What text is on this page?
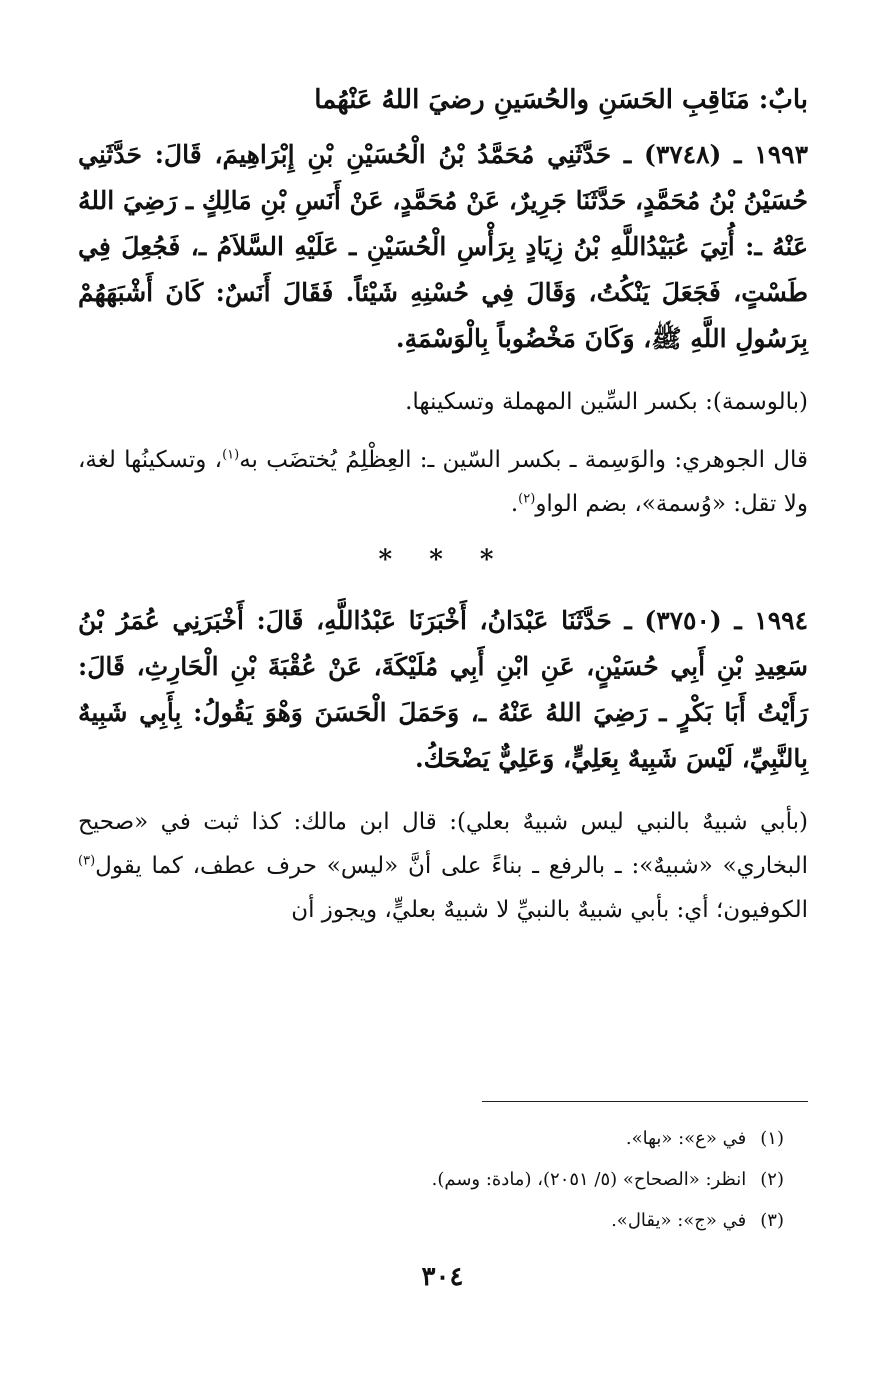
بابٌ: مَنَاقِبِ الحَسَنِ والحُسَينِ رضيَ اللهُ عَنْهُما

١٩٩٣ ـ (٣٧٤٨) ـ حَدَّثَنِي مُحَمَّدُ بْنُ الْحُسَيْنِ بْنِ إِبْرَاهِيمَ، قَالَ: حَدَّثَنِي حُسَيْنُ بْنُ مُحَمَّدٍ، حَدَّثَنَا جَرِيرٌ، عَنْ مُحَمَّدٍ، عَنْ أَنَسِ بْنِ مَالِكٍ ـ رَضِيَ اللهُ عَنْهُ ـ: أُتِيَ عُبَيْدُاللَّهِ بْنُ زِيَادٍ بِرَأْسِ الْحُسَيْنِ ـ عَلَيْهِ السَّلاَمُ ـ، فَجُعِلَ فِي طَسْتٍ، فَجَعَلَ يَنْكُتُ، وَقَالَ فِي حُسْنِهِ شَيْئاً. فَقَالَ أَنَسٌ: كَانَ أَشْبَهَهُمْ بِرَسُولِ اللَّهِ ﷺ، وَكَانَ مَخْضُوباً بِالْوَسْمَةِ.

(بالوسمة): بكسر السِّين المهملة وتسكينها.

قال الجوهري: والوَسِمة ـ بكسر السّين ـ: العِظْلِمُ يُختضَب به$^{(١)}$، وتسكينُها لغة، ولا تقل: «وُسمة»، بضم الواو$^{(٢)}$.

* * *

١٩٩٤ ـ (٣٧٥٠) ـ حَدَّثَنَا عَبْدَانُ، أَخْبَرَنَا عَبْدُاللَّهِ، قَالَ: أَخْبَرَنِي عُمَرُ بْنُ سَعِيدِ بْنِ أَبِي حُسَيْنٍ، عَنِ ابْنِ أَبِي مُلَيْكَةَ، عَنْ عُقْبَةَ بْنِ الْحَارِثِ، قَالَ: رَأَيْتُ أَبَا بَكْرٍ ـ رَضِيَ اللهُ عَنْهُ ـ، وَحَمَلَ الْحَسَنَ وَهْوَ يَقُولُ: بِأَبِي شَبِيهٌ بِالنَّبِيِّ، لَيْسَ شَبِيهٌ بِعَلِيٍّ، وَعَلِيٌّ يَضْحَكُ.

(بأبي شبيهٌ بالنبي ليس شبيهٌ بعلي): قال ابن مالك: كذا ثبت في «صحيح البخاري» «شبيهٌ»: ـ بالرفع ـ بناءً على أنَّ «ليس» حرف عطف، كما يقول$^{(٣)}$ الكوفيون؛ أي: بأبي شبيهٌ بالنبيِّ لا شبيهٌ بعليٍّ، ويجوز أن

(١)في «ع»: «بها».

(٢)انظر: «الصحاح» (٥/ ٢٠٥١)، (مادة: وسم).

(٣)في «ج»: «يقال».

٣٠٤
